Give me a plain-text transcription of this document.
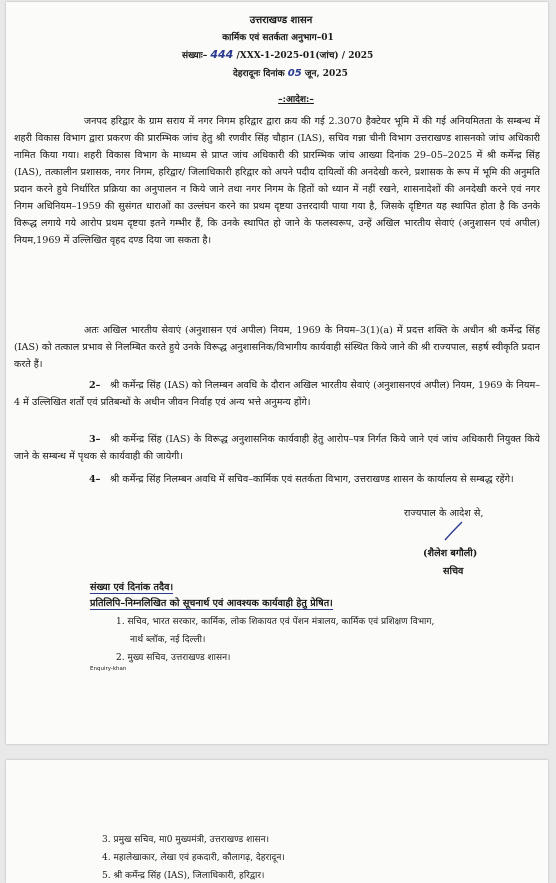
उत्तराखण्ड शासन
कार्मिक एवं सतर्कता अनुभाग–01
संख्याः– 444 /XXX-1-2025-01(जांच) / 2025
देहरादूनः दिनांक 05 जून, 2025
–:आदेश:–
जनपद हरिद्वार के ग्राम सराय में नगर निगम हरिद्वार द्वारा क्रय की गई 2.3070 हैक्टेयर भूमि में की गई अनियमितता के सम्बन्ध में शहरी विकास विभाग द्वारा प्रकरण की प्रारम्भिक जांच हेतु श्री रणवीर सिंह चौहान (IAS), सचिव गन्ना चीनी विभाग उत्तराखण्ड शासनको जांच अधिकारी नामित किया गया। शहरी विकास विभाग के माध्यम से प्राप्त जांच अधिकारी की प्रारम्भिक जांच आख्या दिनांक 29–05–2025 में श्री कर्मेन्द्र सिंह (IAS), तत्कालीन प्रशासक, नगर निगम, हरिद्वार/ जिलाधिकारी हरिद्वार को अपने पदीय दायित्वों की अनदेखी करने, प्रशासक के रूप में भूमि की अनुमति प्रदान करने हुये निर्धारित प्रक्रिया का अनुपालन न किये जाने तथा नगर निगम के हितों को ध्यान में नहीं रखने, शासनादेशों की अनदेखी करने एवं नगर निगम अधिनियम–1959 की सुसंगत धाराओं का उल्लंघन करने का प्रथम दृष्टया उत्तरदायी पाया गया है, जिसके दृष्टिगत यह स्थापित होता है कि उनके विरूद्ध लगाये गये आरोप प्रथम दृष्टया इतने गम्भीर हैं, कि उनके स्थापित हो जाने के फलस्वरूप, उन्हें अखिल भारतीय सेवाएं (अनुशासन एवं अपील) नियम,1969 में उल्लिखित वृहद दण्ड दिया जा सकता है।
अतः अखिल भारतीय सेवाएं (अनुशासन एवं अपील) नियम, 1969 के नियम–3(1)(a) में प्रदत्त शक्ति के अधीन श्री कर्मेन्द्र सिंह (IAS) को तत्काल प्रभाव से निलम्बित करते हुये उनके विरूद्ध अनुशासनिक/विभागीय कार्यवाही संस्थित किये जाने की श्री राज्यपाल, सहर्ष स्वीकृति प्रदान करते हैं।
2– श्री कर्मेन्द्र सिंह (IAS) को निलम्बन अवधि के दौरान अखिल भारतीय सेवाएं (अनुशासनएवं अपील) नियम, 1969 के नियम–4 में उल्लिखित शर्तों एवं प्रतिबन्धों के अधीन जीवन निर्वाह एवं अन्य भत्ते अनुमन्य होंगे।
3– श्री कर्मेन्द्र सिंह (IAS) के विरूद्ध अनुशासनिक कार्यवाही हेतु आरोप–पत्र निर्गत किये जाने एवं जांच अधिकारी नियुक्त किये जाने के सम्बन्ध में पृथक से कार्यवाही की जायेगी।
4– श्री कर्मेन्द्र सिंह निलम्बन अवधि में सचिव–कार्मिक एवं सतर्कता विभाग, उत्तराखण्ड शासन के कार्यालय से सम्बद्ध रहेंगे।
राज्यपाल के आदेश से,
(शैलेश बगौली)
सचिव
संख्या एवं दिनांक तदैव।
प्रतिलिपि–निम्नलिखित को सूचनार्थ एवं आवश्यक कार्यवाही हेतु प्रेषित।
1. सचिव, भारत सरकार, कार्मिक, लोक शिकायत एवं पेंशन मंत्रालय, कार्मिक एवं प्रशिक्षण विभाग,
नार्थ ब्लॉक, नई दिल्ली।
2. मुख्य सचिव, उत्तराखण्ड शासन।
Enquiry-khan
3. प्रमुख सचिव, मा0 मुख्यमंत्री, उत्तराखण्ड शासन।
4. महालेखाकार, लेखा एवं हकदारी, कौलागढ़, देहरादून।
5. श्री कर्मेन्द्र सिंह (IAS), जिलाधिकारी, हरिद्वार।
